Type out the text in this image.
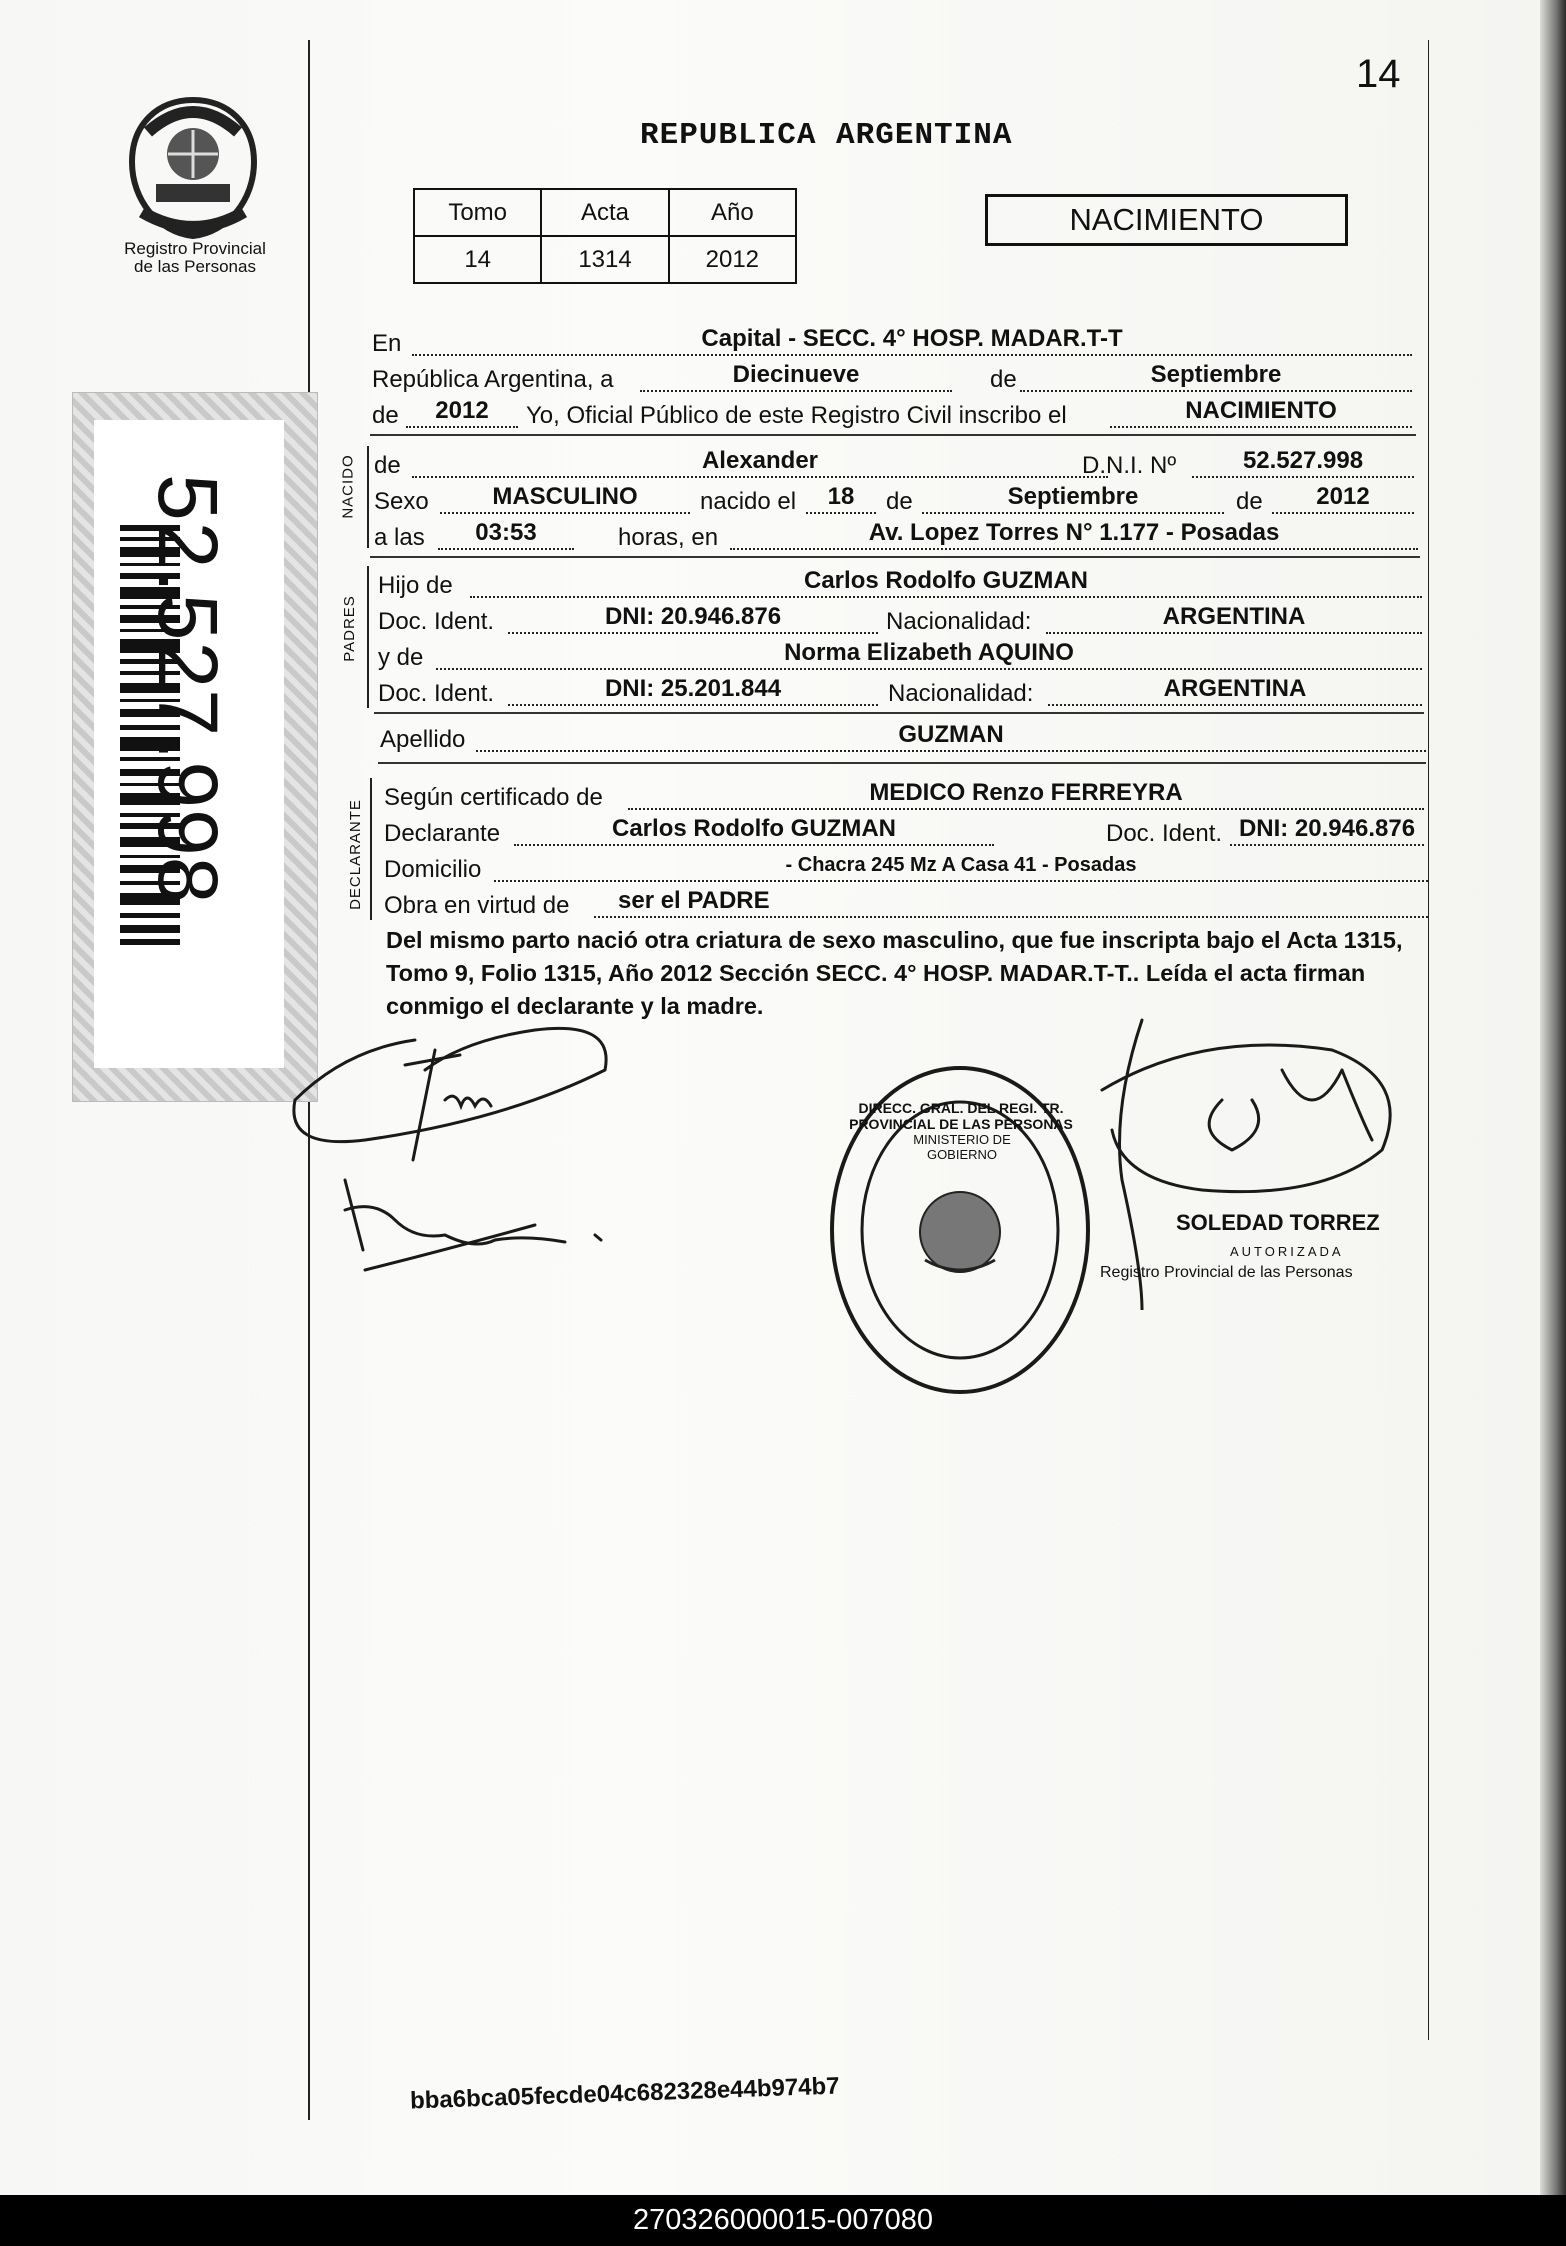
14
REPUBLICA ARGENTINA
Registro Provincial
de las Personas
Tomo	Acta	Año
14	1314	2012
NACIMIENTO
52.527.998
En	Capital - SECC. 4° HOSP. MADAR.T-T
República Argentina, a	Diecinueve	de	Septiembre
de	2012	Yo, Oficial Público de este Registro Civil inscribo el	NACIMIENTO
NACIDO de	Alexander	D.N.I. Nº	52.527.998
Sexo	MASCULINO	nacido el	18	de	Septiembre	de	2012
a las	03:53	horas, en	Av. Lopez Torres N° 1.177 - Posadas
PADRES
Hijo de	Carlos Rodolfo GUZMAN
Doc. Ident.	DNI: 20.946.876	Nacionalidad:	ARGENTINA
y de	Norma Elizabeth AQUINO
Doc. Ident.	DNI: 25.201.844	Nacionalidad:	ARGENTINA
Apellido	GUZMAN
DECLARANTE
Según certificado de	MEDICO Renzo FERREYRA
Declarante	Carlos Rodolfo GUZMAN	Doc. Ident. DNI: 20.946.876
Domicilio	- Chacra 245 Mz A Casa 41 - Posadas
Obra en virtud de	ser el PADRE
Del mismo parto nació otra criatura de sexo masculino, que fue inscripta bajo el Acta 1315, Tomo 9, Folio 1315, Año 2012 Sección SECC. 4° HOSP. MADAR.T-T.. Leída el acta firman conmigo el declarante y la madre.
DIRECC. GRAL. DEL REGI. TR. PROVINCIAL DE LAS PERSONAS
MINISTERIO DE GOBIERNO
SOLEDAD TORREZ
AUTORIZADA
Registro Provincial de las Personas
bba6bca05fecde04c682328e44b974b7
270326000015-007080
